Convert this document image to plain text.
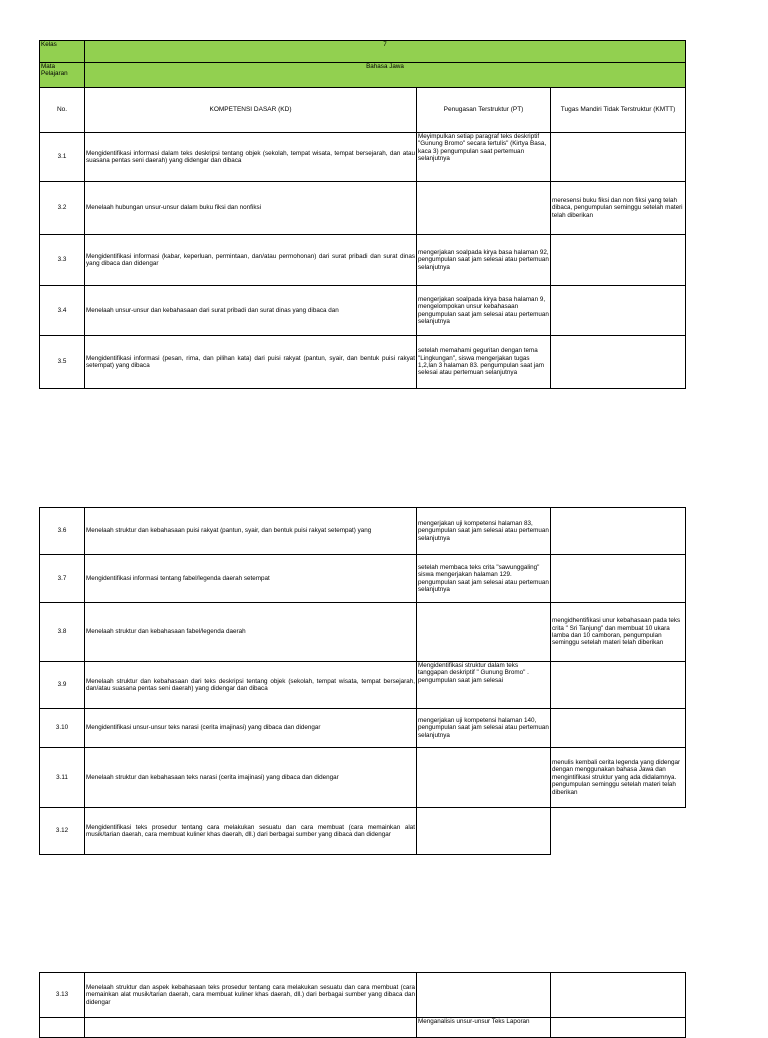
Kelas	7		
Mata Pelajaran	Bahasa Jawa		
No.	KOMPETENSI DASAR (KD)	Penugasan Terstruktur (PT)	Tugas Mandiri Tidak Terstruktur (KMTT)
3.1	Mengidentifikasi informasi dalam teks deskripsi tentang objek (sekolah, tempat wisata, tempat bersejarah, dan atau suasana pentas seni daerah) yang didengar dan dibaca	Meyimpulkan setiap paragraf teks deskriptif "Gunung Bromo" secara tertulis" (Kirtya Basa, kaca 3) pengumpulan saat pertemuan selanjutnya	
3.2	Menelaah hubungan unsur-unsur dalam buku fiksi dan nonfiksi		meresensi buku fiksi dan non fiksi yang telah dibaca, pengumpulan seminggu setelah materi telah diberikan
3.3	Mengidentifikasi informasi (kabar, keperluan, permintaan, dan/atau permohonan) dari surat pribadi dan surat dinas yang dibaca dan didengar	mengerjakan soalpada kirya basa halaman 92, pengumpulan saat jam selesai atau pertemuan selanjutnya	
3.4	Menelaah unsur-unsur dan kebahasaan dari surat pribadi dan surat dinas yang dibaca dan	mengerjakan soalpada kirya basa halaman 9, mengelompokan unsur kebahasaan pengumpulan saat jam selesai atau pertemuan selanjutnya	
3.5	Mengidentifikasi informasi (pesan, rima, dan pilihan kata) dari puisi rakyat (pantun, syair, dan bentuk puisi rakyat setempat) yang dibaca	setelah memahami geguritan dengan tema "Lingkungan", siswa mengerjakan tugas 1,2,lan 3 halaman 83. pengumpulan saat jam selesai atau pertemuan selanjutnya	
3.6	Menelaah struktur dan kebahasaan puisi rakyat (pantun, syair, dan bentuk puisi rakyat setempat) yang	mengerjakan uji kompetensi halaman 83, pengumpulan saat jam selesai atau pertemuan selanjutnya	
3.7	Mengidentifikasi informasi tentang fabel/legenda daerah setempat	setelah membaca teks crita "sawunggaling" siswa mengerjakan halaman 129. pengumpulan saat jam selesai atau pertemuan selanjutnya	
3.8	Menelaah struktur dan kebahasaan fabel/legenda daerah		mengidhentifikasi unur kebahasaan pada teks crita " Sri Tanjung" dan membuat 10 ukara lamba dan 10 camboran, pengumpulan seminggu setelah materi telah diberikan
3.9	Menelaah struktur dan kebahasaan dari teks deskripsi tentang objek (sekolah, tempat wisata, tempat bersejarah, dan/atau suasana pentas seni daerah) yang didengar dan dibaca	Mengidentifikasi struktur dalam teks tanggapan deskriptif " Gunung Bromo" . pengumpulan saat jam selesai	
3.10	Mengidentifikasi unsur-unsur teks narasi (cerita imajinasi) yang dibaca dan didengar	mengerjakan uji kompetensi halaman 140, pengumpulan saat jam selesai atau pertemuan selanjutnya	
3.11	Menelaah struktur dan kebahasaan teks narasi (cerita imajinasi) yang dibaca dan didengar		menulis kembali cerita legenda yang didengar dengan menggunakan bahasa Jawa dan mengintifikasi struktur yang ada didalamnya. pengumpulan seminggu setelah materi telah diberikan
3.12	Mengidentifikasi teks prosedur tentang cara melakukan sesuatu dan cara membuat (cara memainkan alat musik/tarian daerah, cara membuat kuliner khas daerah, dll.) dari berbagai sumber yang dibaca dan didengar		
3.13	Menelaah struktur dan aspek kebahasaan teks prosedur tentang cara melakukan sesuatu dan cara membuat (cara memainkan alat musik/tarian daerah, cara membuat kuliner khas daerah, dll.) dari berbagai sumber yang dibaca dan didengar		
		Menganalisis unsur-unsur Teks Laporan	
